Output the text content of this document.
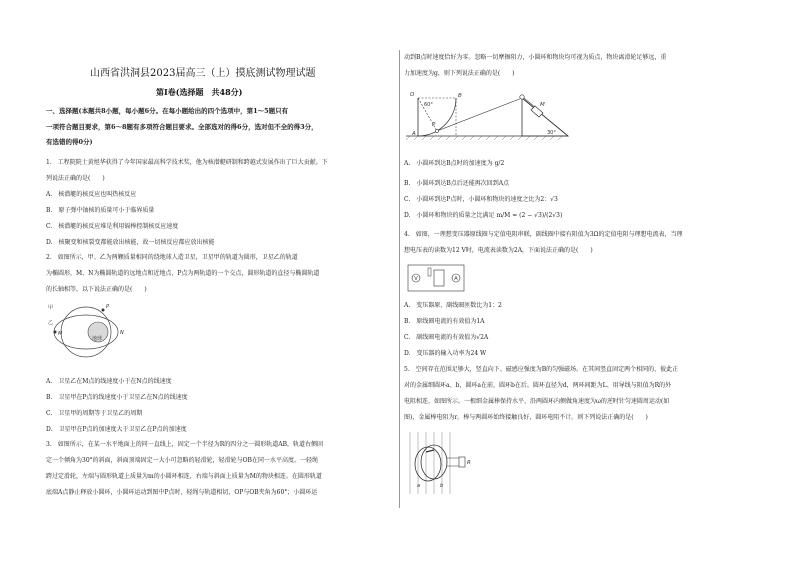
山西省洪洞县2023届高三（上）摸底测试物理试题
第Ⅰ卷(选择题　共48分)
一、选择题(本题共8小题，每小题6分。在每小题给出的四个选项中，第1～5题只有
一项符合题目要求，第6～8题有多项符合题目要求。全部选对的得6分，选对但不全的得3分，
有选错的得0分)
1.　工程院院士黄旭华获得了今年国家最高科学技术奖，他为核潜艇研制和跨越式发展作出了巨大贡献。下
列说法正确的是(　　)
A.　核潜艇的核反应也叫热核反应
B.　原子弹中铀核的质量可小于临界质量
C.　核潜艇的核反应堆是利用镉棒控制核反应速度
D.　核聚变和核裂变都能放出核能，故一切核反应都应放出核能
2.　如图所示，甲、乙为两颗质量相同的绕地球人造卫星，卫星甲的轨道为圆形，卫星乙的轨道
为椭圆形，M、N为椭圆轨道的远地点和近地点，P点为两轨道的一个交点，圆形轨道的直径与椭圆轨道
的长轴相等，以下说法正确的是(　　)
地球
甲
乙
M
P
N
A.　卫星乙在M点的线速度小于在N点的线速度
B.　卫星甲在P点的线速度小于卫星乙在N点的线速度
C.　卫星甲的周期等于卫星乙的周期
D.　卫星甲在P点的加速度大于卫星乙在P点的加速度
3.　如图所示，在某一水平地面上的同一直线上，固定一个半径为R的四分之一圆形轨道AB，轨道右侧固
定一个倾角为30°的斜面，斜面顶端固定一大小可忽略的轻滑轮，轻滑轮与OB在同一水平高度。一轻绳
跨过定滑轮，左端与圆形轨道上质量为m的小圆环相连，右端与斜面上质量为M的物块相连。在圆形轨道
底端A点静止释放小圆环，小圆环运动到图中P点时，轻绳与轨道相切，OP与OB夹角为60°；小圆环运
动到B点时速度恰好为零。忽略一切摩擦阻力，小圆环和物块均可视为质点，物块离滑轮足够远，重
力加速度为g，则下列说法正确的是(　　)
O
60°
P
B
M
A	30°
A.　小圆环到达B点时的加速度为 g/2
B.　小圆环到达B点后还能再次回到A点
C.　小圆环到达P点时，小圆环和物块的速度之比为2：√3
D.　小圆环和物块的质量之比满足 m/M = (2 − √3)/(2√3)
4.　如图，一理想变压器原线圈与定值电阻串联，副线圈中接有阻值为3Ω的定值电阻与理想电流表，当理
想电压表的读数为12 V时，电流表读数为2A，下面说法正确的是(　　)
V	A
A.　变压器原、副线圈匝数比为1：2
B.　原线圈电流的有效值为1A
C.　副线圈电流的有效值为√2A
D.　变压器的输入功率为24 W
5.　空间存在范围足够大，竖直向下、磁感应强度为B的匀强磁场。在其间竖直固定两个相同的、彼此正
对的金属细圆环a、b，圆环a在前，圆环b在后。圆环直径为d，两环间距为L、用导线与阻值为R的外
电阻相连，如图所示。一根细金属棒保持水平、沿两圆环内侧做角速度为ω的逆时针匀速圆周运动(如
图)，金属棒电阻为r。棒与两圆环始终接触良好，圆环电阻不计。则下列说法正确的是(　　)
R
a	b
